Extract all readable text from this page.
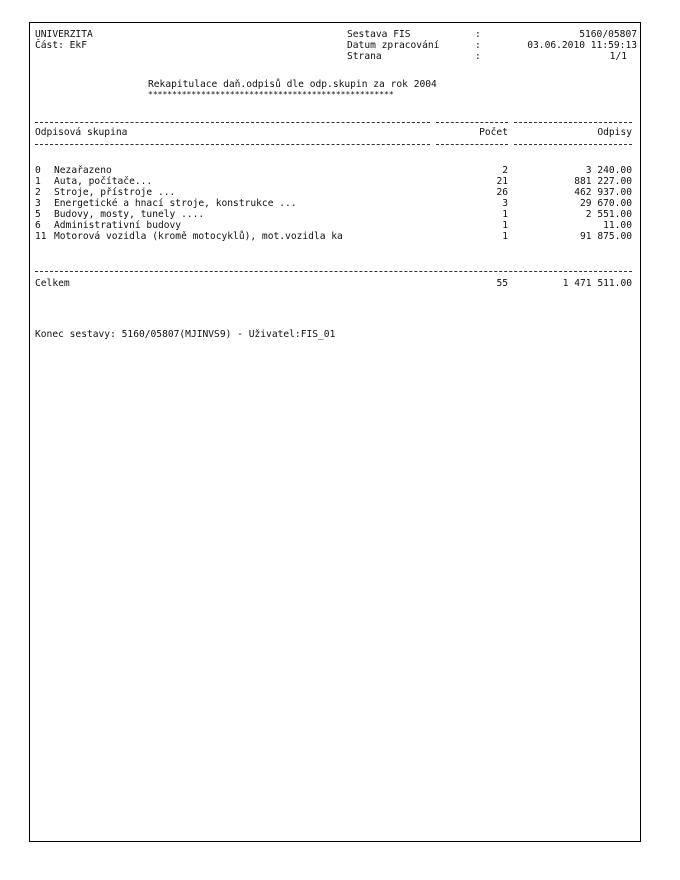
UNIVERZITA
Část: EkF
Sestava FIS	:	5160/05807
Datum zpracování	:	03.06.2010 11:59:13
Strana	:	1/1
Rekapitulace daň.odpisů dle odp.skupin za rok 2004
***************************************************
Odpisová skupina	Počet	Odpisy
0 Nezařazeno	2	3 240.00
1 Auta, počítače...	21	881 227.00
2 Stroje, přístroje ...	26	462 937.00
3 Energetické a hnací stroje, konstrukce ...	3	29 670.00
5 Budovy, mosty, tunely ....	1	2 551.00
6 Administrativní budovy	1	11.00
11 Motorová vozidla (kromě motocyklů), mot.vozidla ka	1	91 875.00
Celkem	55	1 471 511.00
Konec sestavy: 5160/05807(MJINVS9) - Uživatel:FIS_01
